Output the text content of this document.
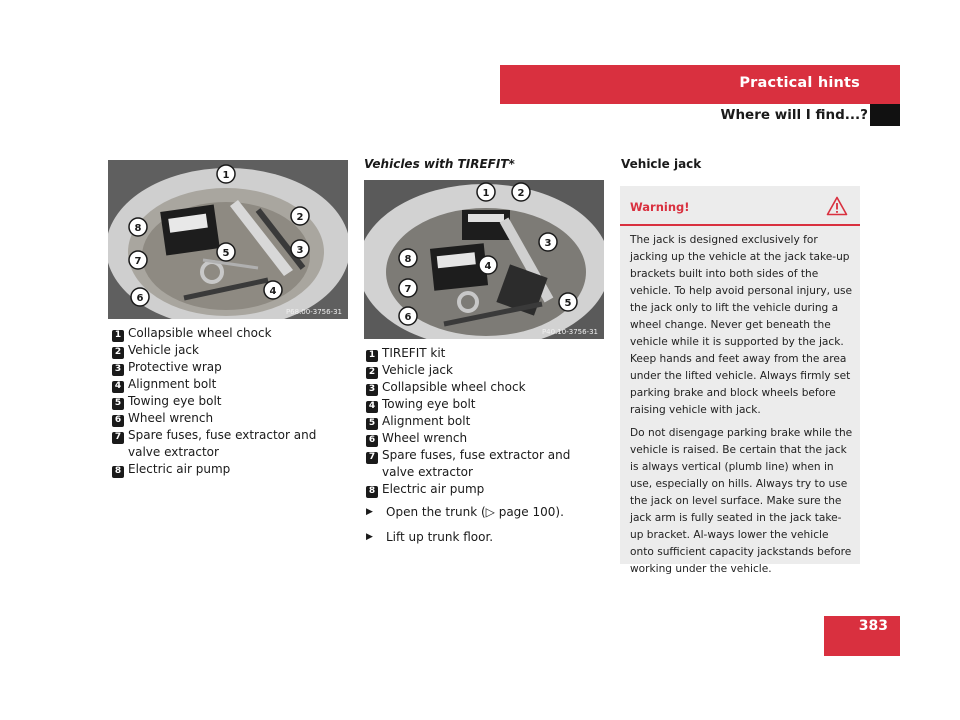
Practical hints
Where will I find...?
1
2
3
4
5
6
7
8
P68.00-3756-31
1 Collapsible wheel chock
2 Vehicle jack
3 Protective wrap
4 Alignment bolt
5 Towing eye bolt
6 Wheel wrench
7 Spare fuses, fuse extractor and valve extractor
8 Electric air pump
Vehicles with TIREFIT*
1	2
3
4
5
6
7
8
P40.10-3756-31
1 TIREFIT kit
2 Vehicle jack
3 Collapsible wheel chock
4 Towing eye bolt
5 Alignment bolt
6 Wheel wrench
7 Spare fuses, fuse extractor and valve extractor
8 Electric air pump
▶	Open the trunk (▷ page 100).
▶	Lift up trunk floor.
Vehicle jack
Warning!

The jack is designed exclusively for jacking up the vehicle at the jack take-up brackets built into both sides of the vehicle. To help avoid personal injury, use the jack only to lift the vehicle during a wheel change. Never get beneath the vehicle while it is supported by the jack. Keep hands and feet away from the area under the lifted vehicle. Always firmly set parking brake and block wheels before raising vehicle with jack.

Do not disengage parking brake while the vehicle is raised. Be certain that the jack is always vertical (plumb line) when in use, especially on hills. Always try to use the jack on level surface. Make sure the jack arm is fully seated in the jack take-up bracket. Al-ways lower the vehicle onto sufficient capacity jackstands before working under the vehicle.

383
